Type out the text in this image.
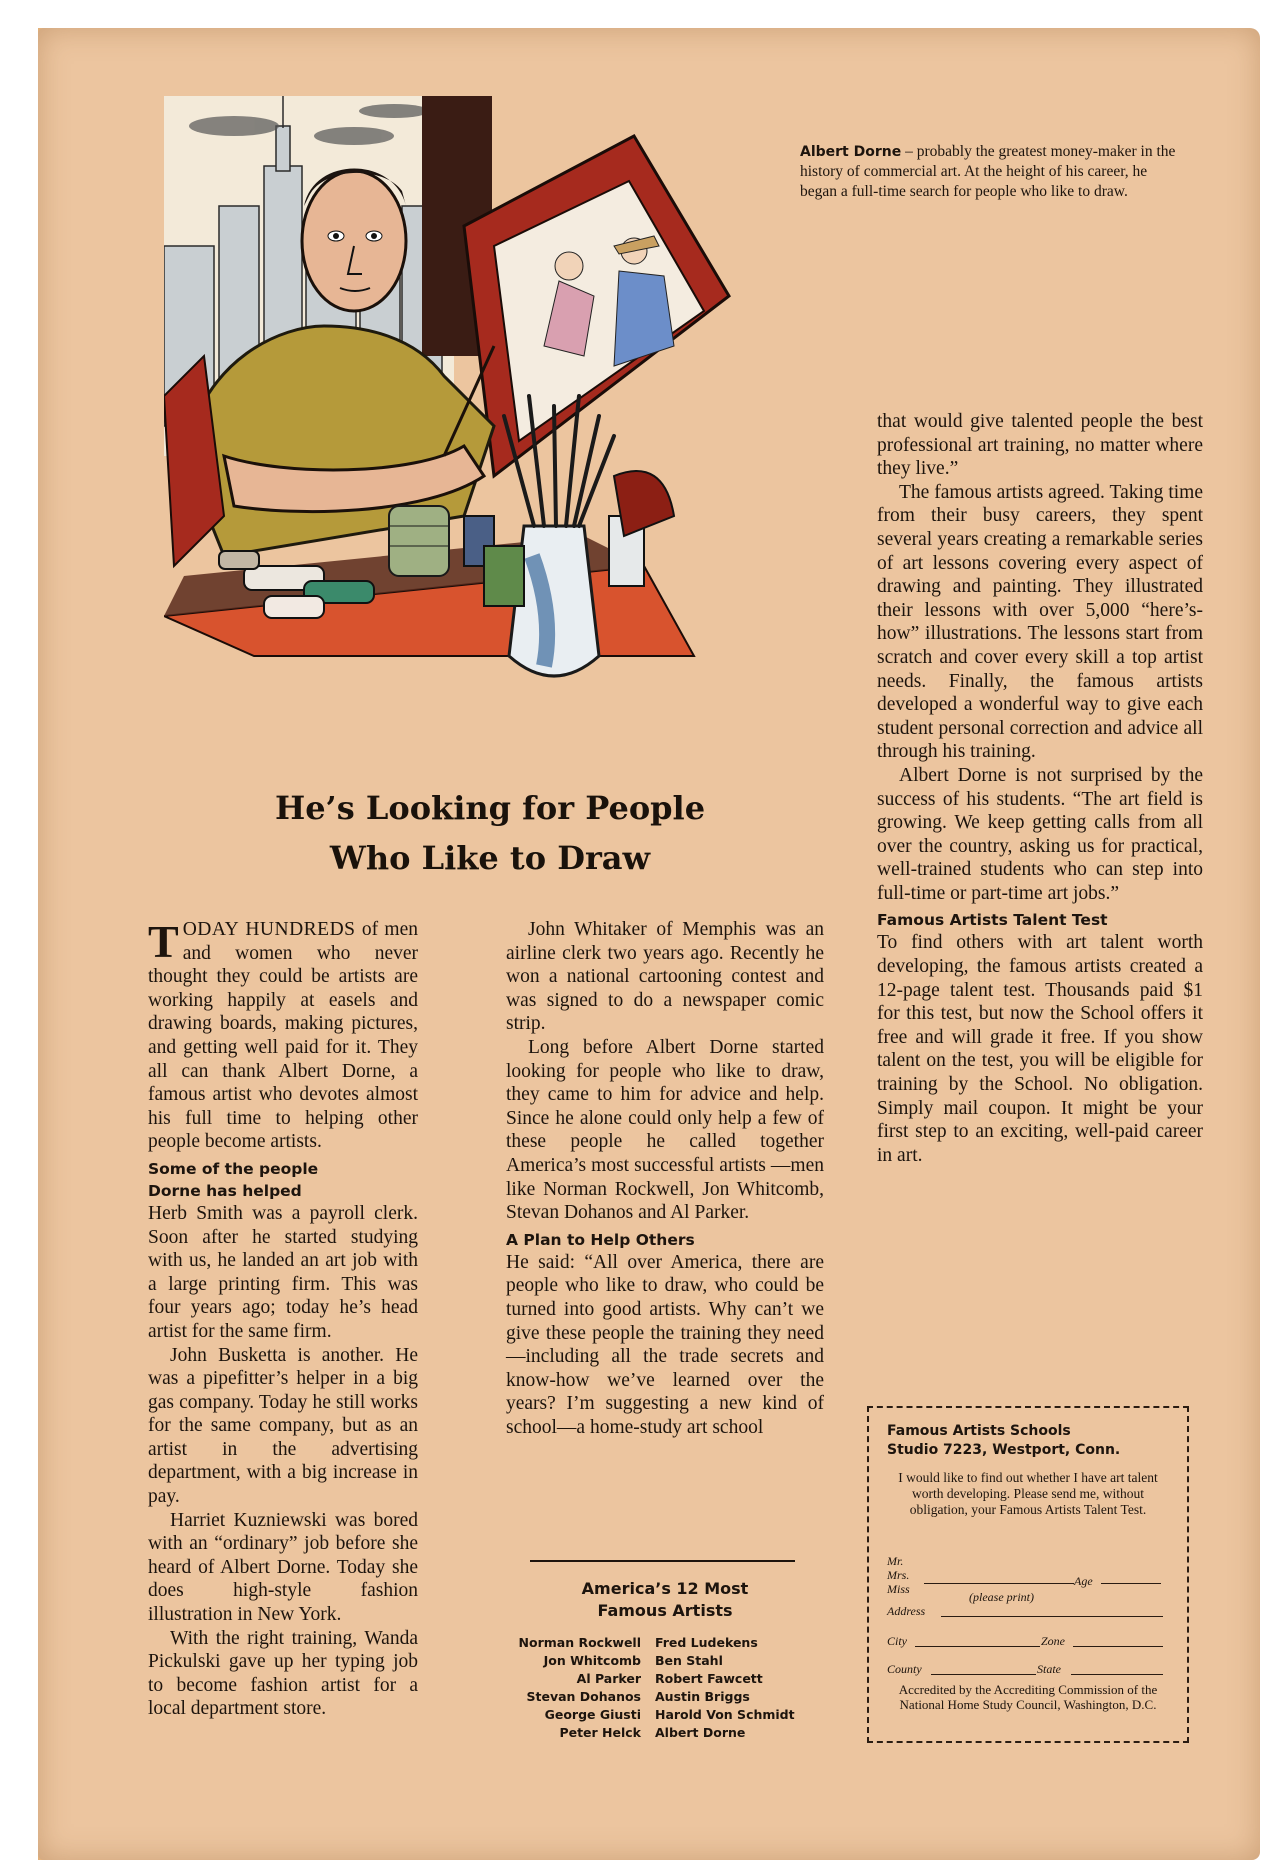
Albert Dorne – probably the greatest money-maker in the history of commercial art. At the height of his career, he began a full-time search for people who like to draw.
He’s Looking for People
Who Like to Draw

TODAY HUNDREDS of men and women who never thought they could be artists are working happily at easels and drawing boards, making pictures, and getting well paid for it. They all can thank Albert Dorne, a famous artist who devotes almost his full time to helping other people become artists.

Some of the people
Dorne has helped

Herb Smith was a payroll clerk. Soon after he started studying with us, he landed an art job with a large printing firm. This was four years ago; today he’s head artist for the same firm.

John Busketta is another. He was a pipefitter’s helper in a big gas company. Today he still works for the same company, but as an artist in the advertising department, with a big increase in pay.

Harriet Kuzniewski was bored with an “ordinary” job before she heard of Albert Dorne. Today she does high-style fashion illustration in New York.

With the right training, Wanda Pickulski gave up her typing job to become fashion artist for a local department store.

John Whitaker of Memphis was an airline clerk two years ago. Recently he won a national cartooning contest and was signed to do a newspaper comic strip.

Long before Albert Dorne started looking for people who like to draw, they came to him for advice and help. Since he alone could only help a few of these people he called together America’s most successful artists —men like Norman Rockwell, Jon Whitcomb, Stevan Dohanos and Al Parker.

A Plan to Help Others

He said: “All over America, there are people who like to draw, who could be turned into good artists. Why can’t we give these people the training they need—including all the trade secrets and know-how we’ve learned over the years? I’m suggesting a new kind of school—a home-study art school

America’s 12 Most
Famous Artists
Norman Rockwell
Jon Whitcomb
Al Parker
Stevan Dohanos
George Giusti
Peter Helck
Fred Ludekens
Ben Stahl
Robert Fawcett
Austin Briggs
Harold Von Schmidt
Albert Dorne

that would give talented people the best professional art training, no matter where they live.”

The famous artists agreed. Taking time from their busy careers, they spent several years creating a remarkable series of art lessons covering every aspect of drawing and painting. They illustrated their lessons with over 5,000 “here’s-how” illustrations. The lessons start from scratch and cover every skill a top artist needs. Finally, the famous artists developed a wonderful way to give each student personal correction and advice all through his training.

Albert Dorne is not surprised by the success of his students. “The art field is growing. We keep getting calls from all over the country, asking us for practical, well-trained students who can step into full-time or part-time art jobs.”

Famous Artists Talent Test

To find others with art talent worth developing, the famous artists created a 12-page talent test. Thousands paid $1 for this test, but now the School offers it free and will grade it free. If you show talent on the test, you will be eligible for training by the School. No obligation. Simply mail coupon. It might be your first step to an exciting, well-paid career in art.

Famous Artists Schools
Studio 7223, Westport, Conn.
I would like to find out whether I have art talent worth developing. Please send me, without obligation, your Famous Artists Talent Test.
Mr.
Mrs.
Miss
Age
(please print)
Address
City	Zone
County	State
Accredited by the Accrediting Commission of the National Home Study Council, Washington, D.C.
